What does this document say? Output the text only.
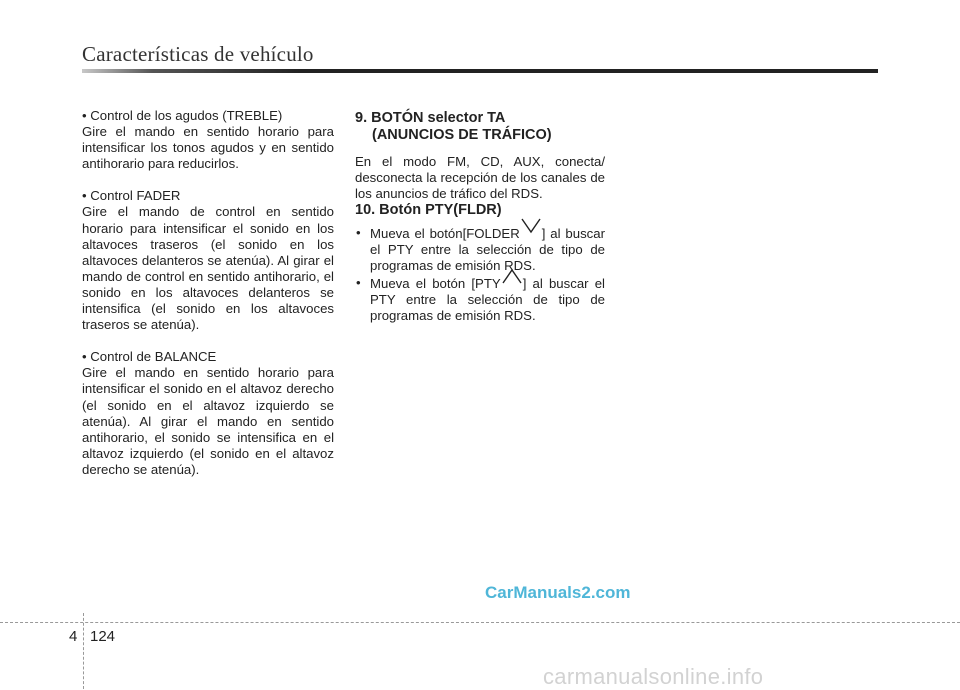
Características de vehículo

• Control de los agudos (TREBLE)

Gire el mando en sentido horario para intensificar los tonos agudos y en sentido antihorario para reducirlos.

• Control FADER

Gire el mando de control en sentido horario para intensificar el sonido en los altavoces traseros (el sonido en los altavoces delanteros se atenúa). Al girar el mando de control en sentido antihorario, el sonido en los altavoces delanteros se intensifica (el sonido en los altavoces traseros se atenúa).

• Control de BALANCE

Gire el mando en sentido horario para intensificar el sonido en el altavoz derecho (el sonido en el altavoz izquierdo se atenúa). Al girar el mando en sentido antihorario, el sonido se intensifica en el altavoz izquierdo (el sonido en el altavoz derecho se atenúa).

9. BOTÓN selector TA
(ANUNCIOS DE TRÁFICO)

En el modo FM, CD, AUX, conecta/ desconecta la recepción de los canales de los anuncios de tráfico del RDS.

10. Botón PTY(FLDR)

• Mueva el botón[FOLDER ] al buscar el PTY entre la selección de tipo de programas de emisión RDS.
• Mueva el botón [PTY ] al buscar el PTY entre la selección de tipo de programas de emisión RDS.
CarManuals2.com
4 124
carmanualsonline.info
